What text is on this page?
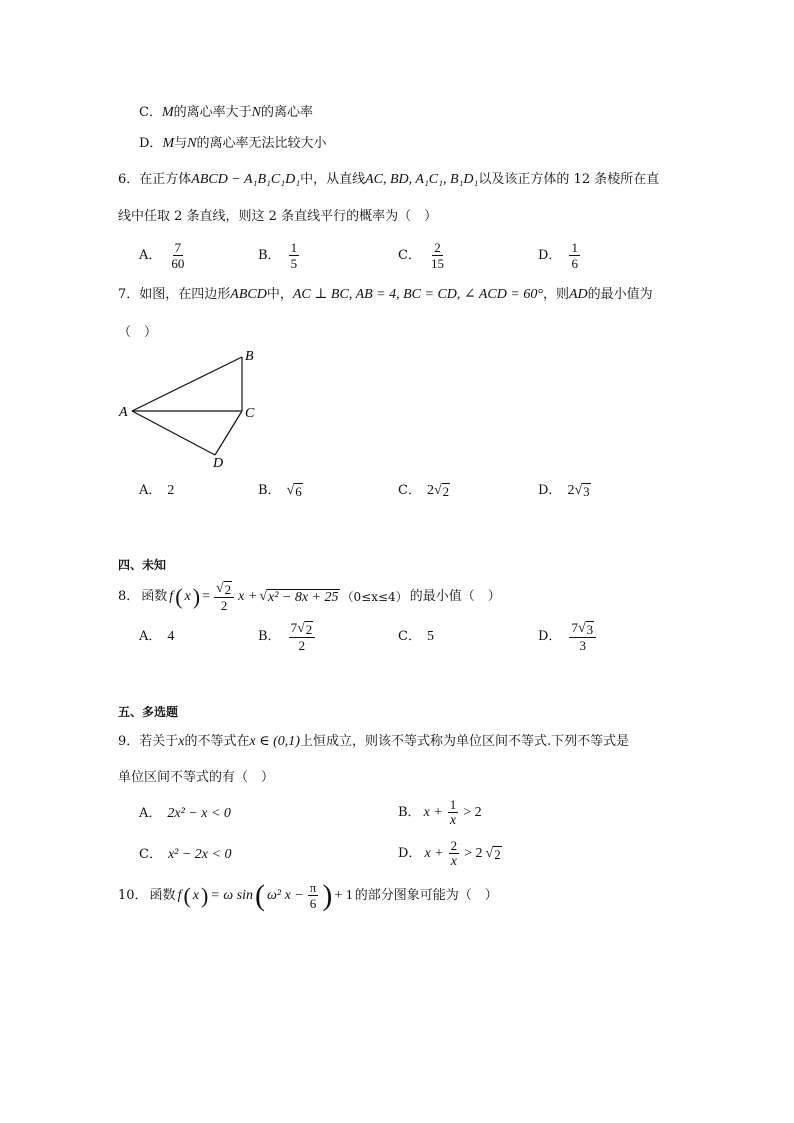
C．M的离心率大于N的离心率
D．M与N的离心率无法比较大小
6．在正方体ABCD − A₁B₁C₁D₁中，从直线AC, BD, A₁C₁, B₁D₁以及该正方体的 12 条棱所在直
线中任取 2 条直线，则这 2 条直线平行的概率为（　）
A． $\frac{7}{60}$	B． $\frac{1}{5}$	C． $\frac{2}{15}$	D． $\frac{1}{6}$
7．如图，在四边形ABCD中，AC ⊥ BC, AB = 4, BC = CD, ∠ ACD = 60°，则AD的最小值为
（　）
A
B
C
D
A． 2	B． √ 6	C． 2 √ 2	D． 2 √ 3
四、未知
8． 函数 f ( x ) = $\frac{√ 2}{2}$ x + √ x² − 8x + 25 （0≤x≤4） 的最小值（　）
A． 4	B． $\frac{7 √ 2}{2}$	C． 5	D． $\frac{7 √ 3}{3}$
五、多选题
9．若关于x的不等式在x ∈ (0,1)上恒成立，则该不等式称为单位区间不等式.下列不等式是
单位区间不等式的有（　）
A． 2x² − x < 0	B． $x + \frac{1}{x} > 2$
C． x² − 2x < 0	D． $x + \frac{2}{x} > 2$ √ 2
10． 函数 f ( x ) = ω sin ( ω² $x - \frac{\pi}{6}$ ) + 1 的部分图象可能为（　）
